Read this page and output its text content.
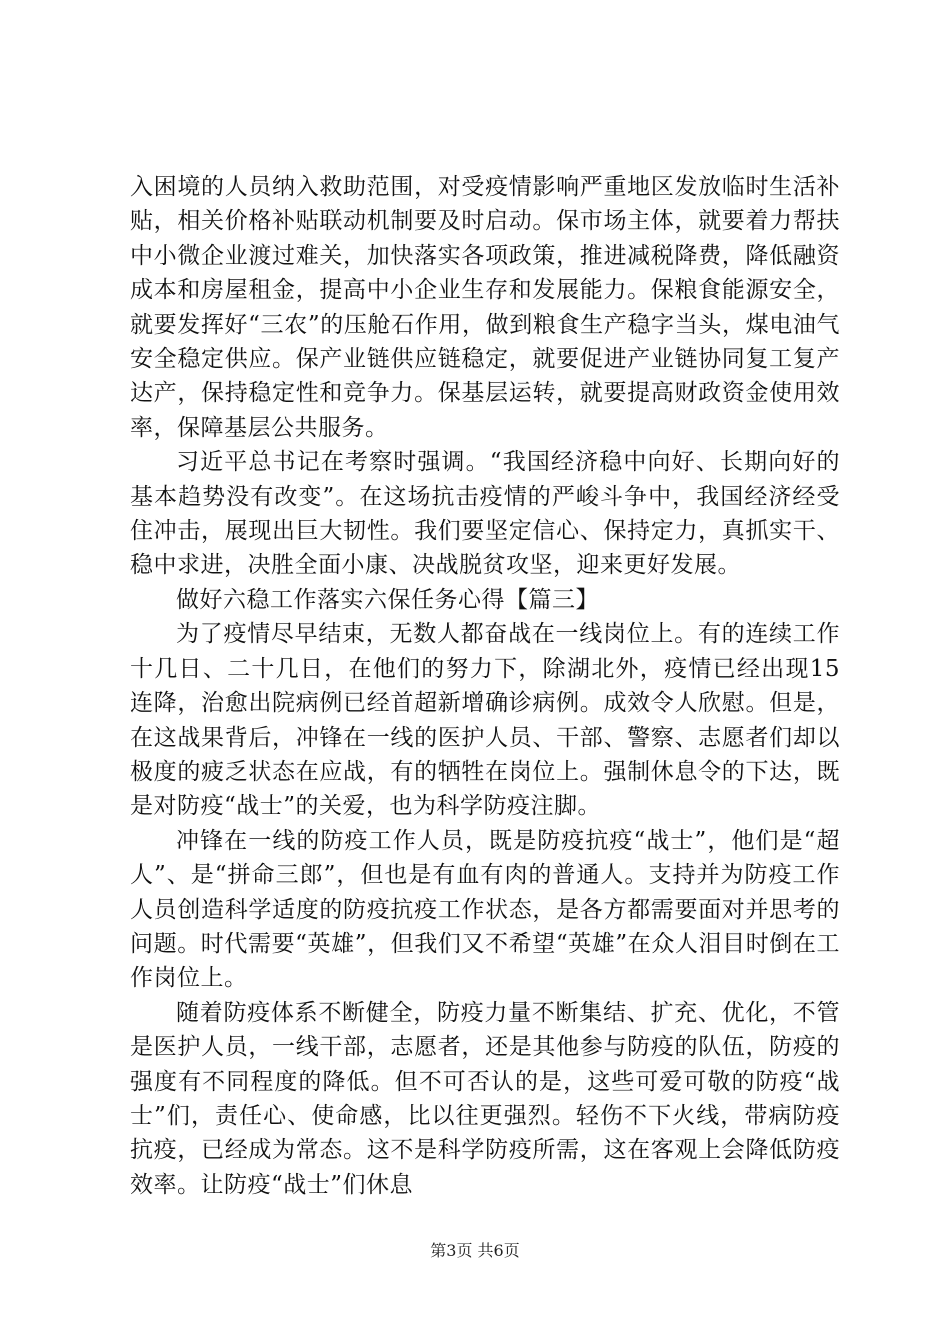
入困境的人员纳入救助范围，对受疫情影响严重地区发放临时生活补贴，相关价格补贴联动机制要及时启动。保市场主体，就要着力帮扶中小微企业渡过难关，加快落实各项政策，推进减税降费，降低融资成本和房屋租金，提高中小企业生存和发展能力。保粮食能源安全，就要发挥好“三农”的压舱石作用，做到粮食生产稳字当头，煤电油气安全稳定供应。保产业链供应链稳定，就要促进产业链协同复工复产达产，保持稳定性和竞争力。保基层运转，就要提高财政资金使用效率，保障基层公共服务。

习近平总书记在考察时强调。“我国经济稳中向好、长期向好的基本趋势没有改变”。在这场抗击疫情的严峻斗争中，我国经济经受住冲击，展现出巨大韧性。我们要坚定信心、保持定力，真抓实干、稳中求进，决胜全面小康、决战脱贫攻坚，迎来更好发展。

做好六稳工作落实六保任务心得【篇三】

为了疫情尽早结束，无数人都奋战在一线岗位上。有的连续工作十几日、二十几日，在他们的努力下，除湖北外，疫情已经出现15连降，治愈出院病例已经首超新增确诊病例。成效令人欣慰。但是，在这战果背后，冲锋在一线的医护人员、干部、警察、志愿者们却以极度的疲乏状态在应战，有的牺牲在岗位上。强制休息令的下达，既是对防疫“战士”的关爱，也为科学防疫注脚。

冲锋在一线的防疫工作人员，既是防疫抗疫“战士”，他们是“超人”、是“拼命三郎”，但也是有血有肉的普通人。支持并为防疫工作人员创造科学适度的防疫抗疫工作状态，是各方都需要面对并思考的问题。时代需要“英雄”，但我们又不希望“英雄”在众人泪目时倒在工作岗位上。

随着防疫体系不断健全，防疫力量不断集结、扩充、优化，不管是医护人员，一线干部，志愿者，还是其他参与防疫的队伍，防疫的强度有不同程度的降低。但不可否认的是，这些可爱可敬的防疫“战士”们，责任心、使命感，比以往更强烈。轻伤不下火线，带病防疫抗疫，已经成为常态。这不是科学防疫所需，这在客观上会降低防疫效率。让防疫“战士”们休息

第3页 共6页
